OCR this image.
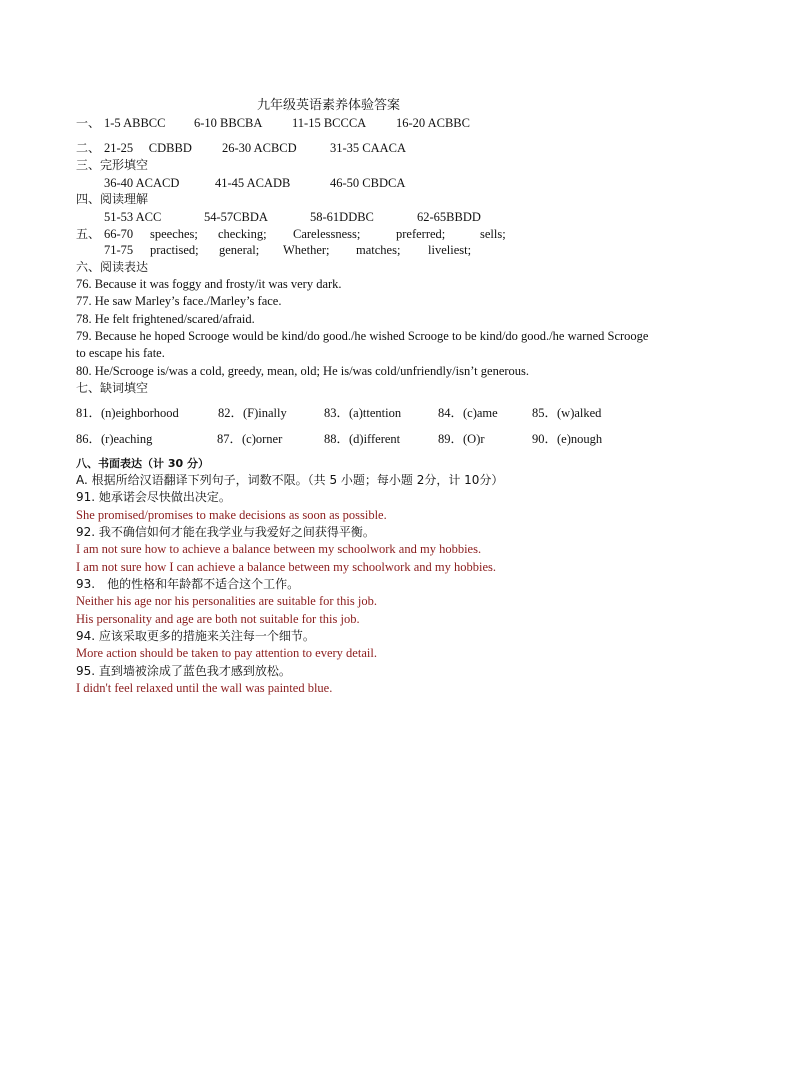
九年级英语素养体验答案
一、 1-5 ABBCC 6-10 BBCBA 11-15 BCCCA 16-20 ACBBC
二、 21-25 　CDBBD 26-30 ACBCD	31-35 CAACA
三、完形填空
36-40 ACACD	41-45 ACADB	46-50 CBDCA
四、阅读理解
51-53 ACC	54-57CBDA	58-61DDBC	62-65BBDD
五、 66-70 speeches; checking; Carelessness;	preferred;	sells;
71-75 practised; general; Whether; matches; liveliest;
六、阅读表达
76. Because it was foggy and frosty/it was very dark.
77. He saw Marley’s face./Marley’s face.
78. He felt frightened/scared/afraid.
79. Because he hoped Scrooge would be kind/do good./he wished Scrooge to be kind/do good./he warned Scrooge
to escape his fate.
80. He/Scrooge is/was a cold, greedy, mean, old; He is/was cold/unfriendly/isn’t generous.
七、缺词填空
81．(n)eighborhood	82．(F)inally	83．(a)ttention	84．(c)ame	85．(w)alked
86．(r)eaching	87．(c)orner	88．(d)ifferent	89．(O)r	90．(e)nough
八、书面表达（计 30 分）
A. 根据所给汉语翻译下列句子，词数不限。（共 5 小题；每小题 2分，计 10分）
91. 她承诺会尽快做出决定。
She promised/promises to make decisions as soon as possible.
92. 我不确信如何才能在我学业与我爱好之间获得平衡。
I am not sure how to achieve a balance between my schoolwork and my hobbies.
I am not sure how I can achieve a balance between my schoolwork and my hobbies.
93.　他的性格和年龄都不适合这个工作。
Neither his age nor his personalities are suitable for this job.
His personality and age are both not suitable for this job.
94. 应该采取更多的措施来关注每一个细节。
More action should be taken to pay attention to every detail.
95. 直到墙被涂成了蓝色我才感到放松。
I didn't feel relaxed until the wall was painted blue.
